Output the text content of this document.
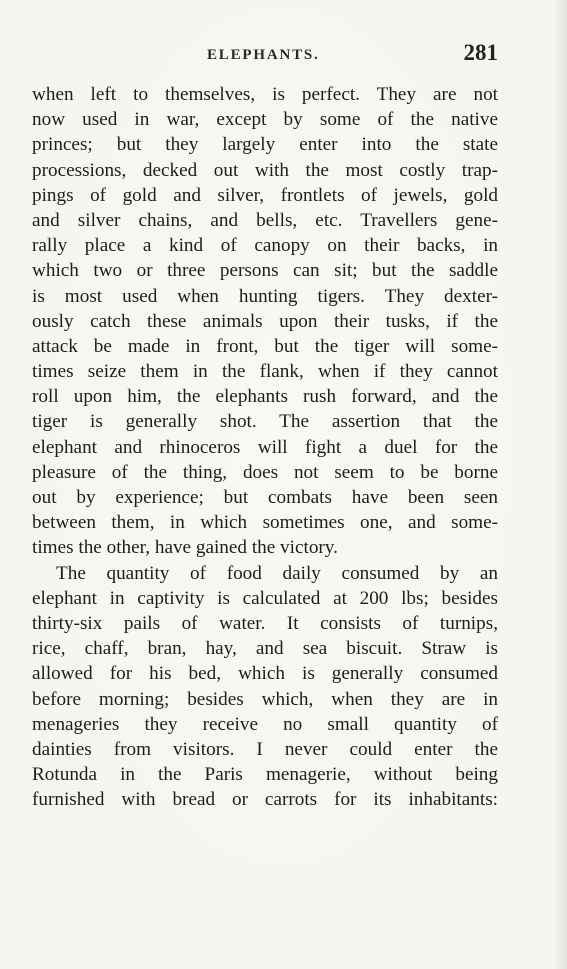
ELEPHANTS.	281
when left to themselves, is perfect. They are not
now used in war, except by some of the native
princes; but they largely enter into the state
processions, decked out with the most costly trap-
pings of gold and silver, frontlets of jewels, gold
and silver chains, and bells, etc. Travellers gene-
rally place a kind of canopy on their backs, in
which two or three persons can sit; but the saddle
is most used when hunting tigers. They dexter-
ously catch these animals upon their tusks, if the
attack be made in front, but the tiger will some-
times seize them in the flank, when if they cannot
roll upon him, the elephants rush forward, and the
tiger is generally shot. The assertion that the
elephant and rhinoceros will fight a duel for the
pleasure of the thing, does not seem to be borne
out by experience; but combats have been seen
between them, in which sometimes one, and some-
times the other, have gained the victory.
The quantity of food daily consumed by an
elephant in captivity is calculated at 200 lbs; besides
thirty-six pails of water. It consists of turnips,
rice, chaff, bran, hay, and sea biscuit. Straw is
allowed for his bed, which is generally consumed
before morning; besides which, when they are in
menageries they receive no small quantity of
dainties from visitors. I never could enter the
Rotunda in the Paris menagerie, without being
furnished with bread or carrots for its inhabitants:
